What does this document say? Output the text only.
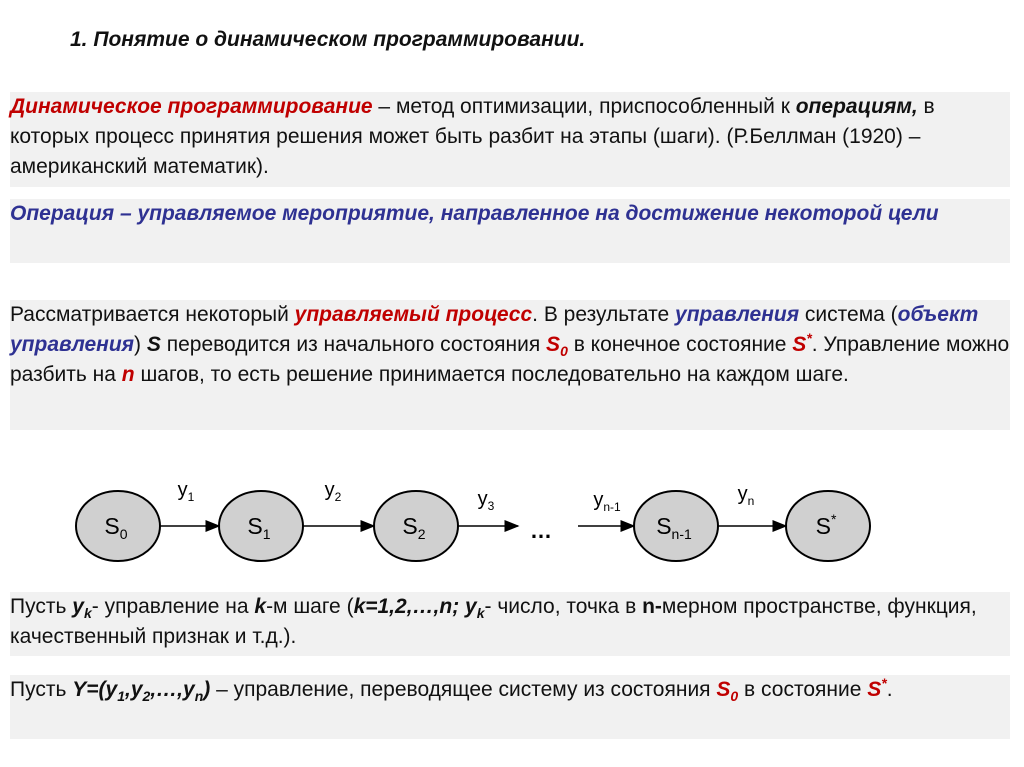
1. Понятие о динамическом программировании.
Динамическое программирование – метод оптимизации, приспособленный к операциям, в которых процесс принятия решения может быть разбит на этапы (шаги). (Р.Беллман (1920) – американский математик).
Операция – управляемое мероприятие, направленное на достижение некоторой цели
Рассматривается некоторый управляемый процесс. В результате управления система (объект управления) S переводится из начального состояния $S_0$ в конечное состояние S*. Управление можно разбить на n шагов, то есть решение принимается последовательно на каждом шаге.
$S_0$	$S_1$	$S_2$	$S_{n-1}$	S*
$y_1$	$y_2$	$y_3$	$y_{n-1}$
$y_n$
…
Пусть $y_k-$ управление на k-м шаге (k=1,2,…,n; $y_k-$ число, точка в n-мерном пространстве, функция, качественный признак и т.д.).
Пусть $Y=(y_1,y_2,\dots,y_n)$ – управление, переводящее систему из состояния $S_0$ в состояние S*.
